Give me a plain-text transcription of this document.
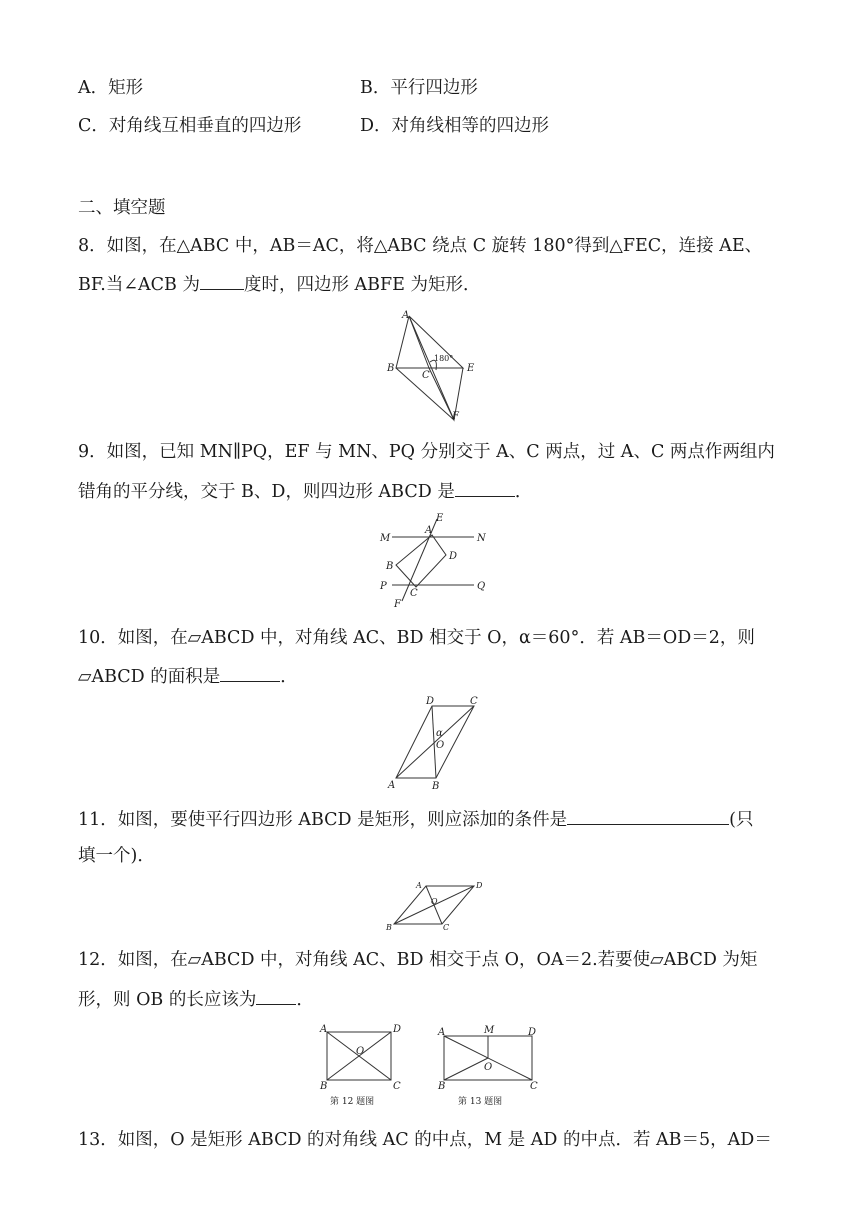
A．矩形	B．平行四边形
C．对角线互相垂直的四边形	D．对角线相等的四边形
二、填空题
8．如图，在△ABC 中，AB＝AC，将△ABC 绕点 C 旋转 180°得到△FEC，连接 AE、
BF.当∠ACB 为	度时，四边形 ABFE 为矩形．
A
B
C
E
F
180°
9．如图，已知 MN∥PQ，EF 与 MN、PQ 分别交于 A、C 两点，过 A、C 两点作两组内
错角的平分线，交于 B、D，则四边形 ABCD 是	．
M	N
P	Q
E
F
A
B
C
D
10．如图，在▱ABCD 中，对角线 AC、BD 相交于 O，α＝60°．若 AB＝OD＝2，则
▱ABCD 的面积是	．
A	B
C
D
O
α
11．如图，要使平行四边形 ABCD 是矩形，则应添加的条件是	(只
填一个)．
A	D
B	C
O
12．如图，在▱ABCD 中，对角线 AC、BD 相交于点 O，OA＝2.若要使▱ABCD 为矩
形，则 OB 的长应该为 ．
A	D
B	C
O
第 12 题图
A	M	D
B	C
O
第 13 题图
13．如图，O 是矩形 ABCD 的对角线 AC 的中点，M 是 AD 的中点．若 AB＝5，AD＝
